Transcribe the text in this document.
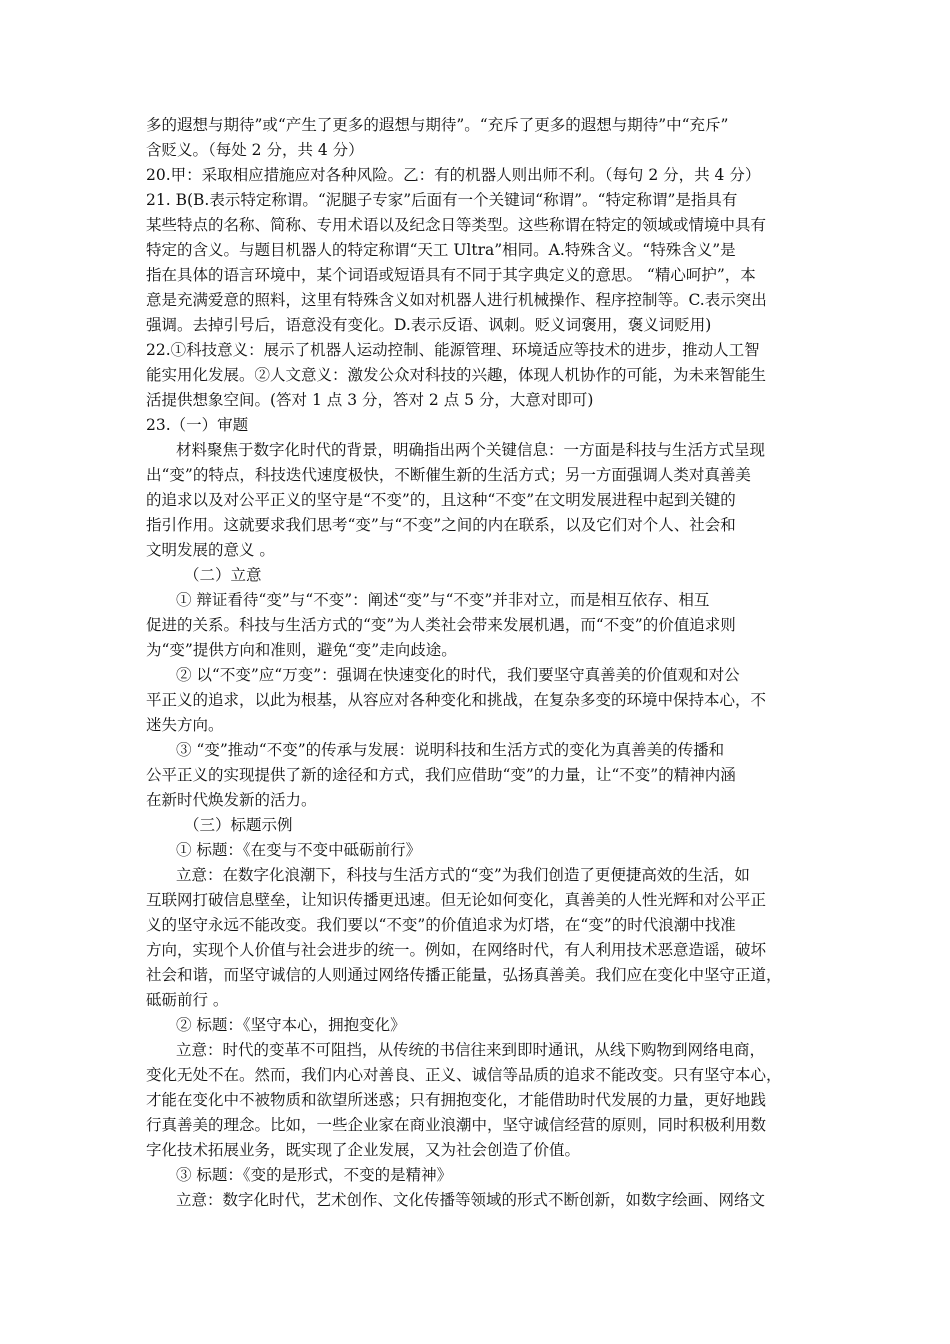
多的遐想与期待”或“产生了更多的遐想与期待”。“充斥了更多的遐想与期待”中“充斥”
含贬义。（每处 2 分，共 4 分）
20.甲：采取相应措施应对各种风险。乙：有的机器人则出师不利。（每句 2 分，共 4 分）
21. B(B.表示特定称谓。“泥腿子专家”后面有一个关键词“称谓”。“特定称谓”是指具有
某些特点的名称、简称、专用术语以及纪念日等类型。这些称谓在特定的领域或情境中具有
特定的含义。与题目机器人的特定称谓“天工 Ultra”相同。A.特殊含义。“特殊含义”是
指在具体的语言环境中，某个词语或短语具有不同于其字典定义的意思。 “精心呵护”，本
意是充满爱意的照料，这里有特殊含义如对机器人进行机械操作、程序控制等。C.表示突出
强调。去掉引号后，语意没有变化。D.表示反语、讽刺。贬义词褒用，褒义词贬用)
22.①科技意义：展示了机器人运动控制、能源管理、环境适应等技术的进步，推动人工智
能实用化发展。②人文意义：激发公众对科技的兴趣，体现人机协作的可能，为未来智能生
活提供想象空间。(答对 1 点 3 分，答对 2 点 5 分，大意对即可)
23.（一）审题
材料聚焦于数字化时代的背景，明确指出两个关键信息：一方面是科技与生活方式呈现
出“变”的特点，科技迭代速度极快，不断催生新的生活方式；另一方面强调人类对真善美
的追求以及对公平正义的坚守是“不变”的，且这种“不变”在文明发展进程中起到关键的
指引作用。这就要求我们思考“变”与“不变”之间的内在联系，以及它们对个人、社会和
文明发展的意义 。
（二）立意
① 辩证看待“变”与“不变”：阐述“变”与“不变”并非对立，而是相互依存、相互
促进的关系。科技与生活方式的“变”为人类社会带来发展机遇，而“不变”的价值追求则
为“变”提供方向和准则，避免“变”走向歧途。
② 以“不变”应“万变”：强调在快速变化的时代，我们要坚守真善美的价值观和对公
平正义的追求，以此为根基，从容应对各种变化和挑战，在复杂多变的环境中保持本心，不
迷失方向。
③ “变”推动“不变”的传承与发展：说明科技和生活方式的变化为真善美的传播和
公平正义的实现提供了新的途径和方式，我们应借助“变”的力量，让“不变”的精神内涵
在新时代焕发新的活力。
（三）标题示例
① 标题：《在变与不变中砥砺前行》
立意：在数字化浪潮下，科技与生活方式的“变”为我们创造了更便捷高效的生活，如
互联网打破信息壁垒，让知识传播更迅速。但无论如何变化，真善美的人性光辉和对公平正
义的坚守永远不能改变。我们要以“不变”的价值追求为灯塔，在“变”的时代浪潮中找准
方向，实现个人价值与社会进步的统一。例如，在网络时代，有人利用技术恶意造谣，破坏
社会和谐，而坚守诚信的人则通过网络传播正能量，弘扬真善美。我们应在变化中坚守正道，
砥砺前行 。
② 标题：《坚守本心，拥抱变化》
立意：时代的变革不可阻挡，从传统的书信往来到即时通讯，从线下购物到网络电商，
变化无处不在。然而，我们内心对善良、正义、诚信等品质的追求不能改变。只有坚守本心，
才能在变化中不被物质和欲望所迷惑；只有拥抱变化，才能借助时代发展的力量，更好地践
行真善美的理念。比如，一些企业家在商业浪潮中，坚守诚信经营的原则，同时积极利用数
字化技术拓展业务，既实现了企业发展，又为社会创造了价值。
③ 标题：《变的是形式，不变的是精神》
立意：数字化时代，艺术创作、文化传播等领域的形式不断创新，如数字绘画、网络文
